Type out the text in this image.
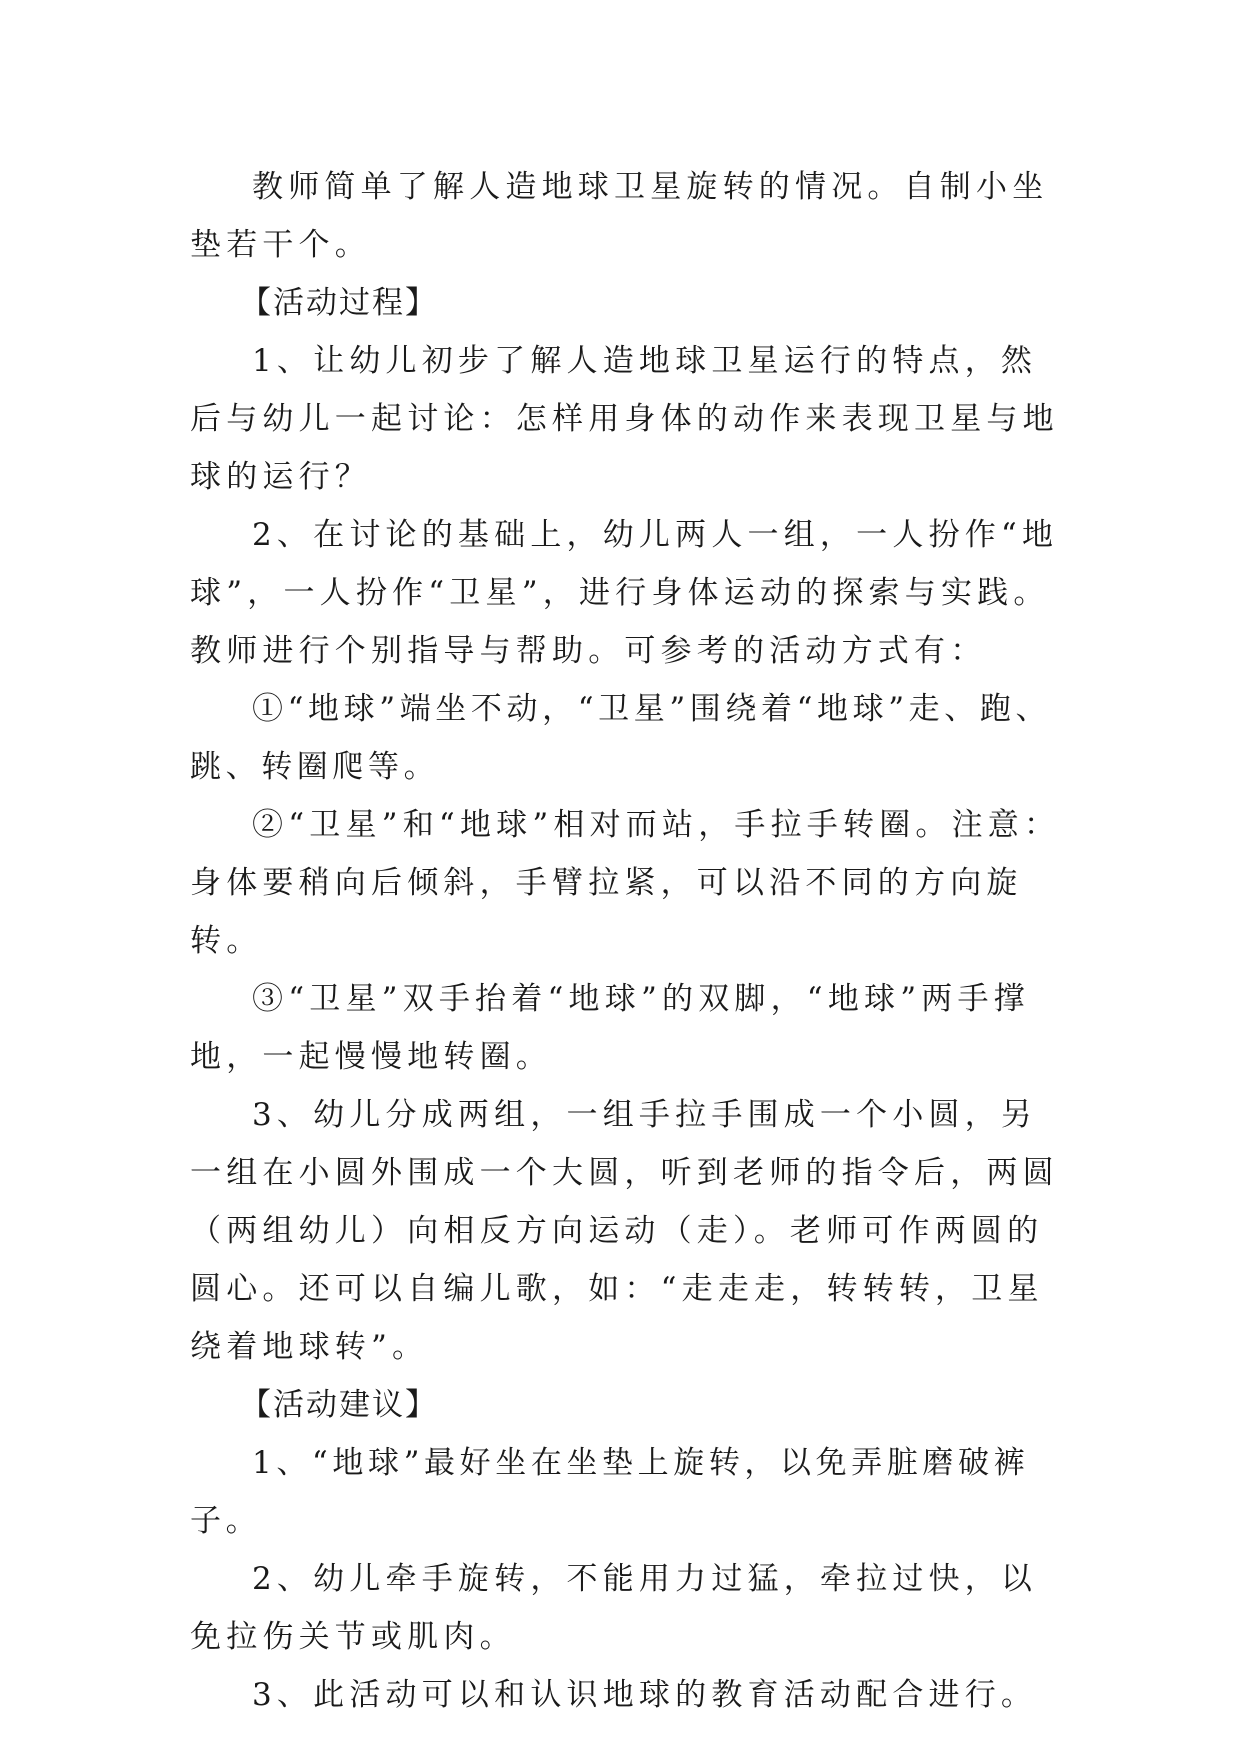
教师简单了解人造地球卫星旋转的情况。自制小坐垫若干个。

【活动过程】

1、让幼儿初步了解人造地球卫星运行的特点，然后与幼儿一起讨论：怎样用身体的动作来表现卫星与地球的运行？

2、在讨论的基础上，幼儿两人一组，一人扮作“地球”，一人扮作“卫星”，进行身体运动的探索与实践。教师进行个别指导与帮助。可参考的活动方式有：

①“地球”端坐不动，“卫星”围绕着“地球”走、跑、跳、转圈爬等。

②“卫星”和“地球”相对而站，手拉手转圈。注意：身体要稍向后倾斜，手臂拉紧，可以沿不同的方向旋转。

③“卫星”双手抬着“地球”的双脚，“地球”两手撑地，一起慢慢地转圈。

3、幼儿分成两组，一组手拉手围成一个小圆，另一组在小圆外围成一个大圆，听到老师的指令后，两圆（两组幼儿）向相反方向运动（走）。老师可作两圆的圆心。还可以自编儿歌，如：“走走走，转转转，卫星绕着地球转”。

【活动建议】

1、“地球”最好坐在坐垫上旋转，以免弄脏磨破裤子。

2、幼儿牵手旋转，不能用力过猛，牵拉过快，以免拉伤关节或肌肉。

3、此活动可以和认识地球的教育活动配合进行。
